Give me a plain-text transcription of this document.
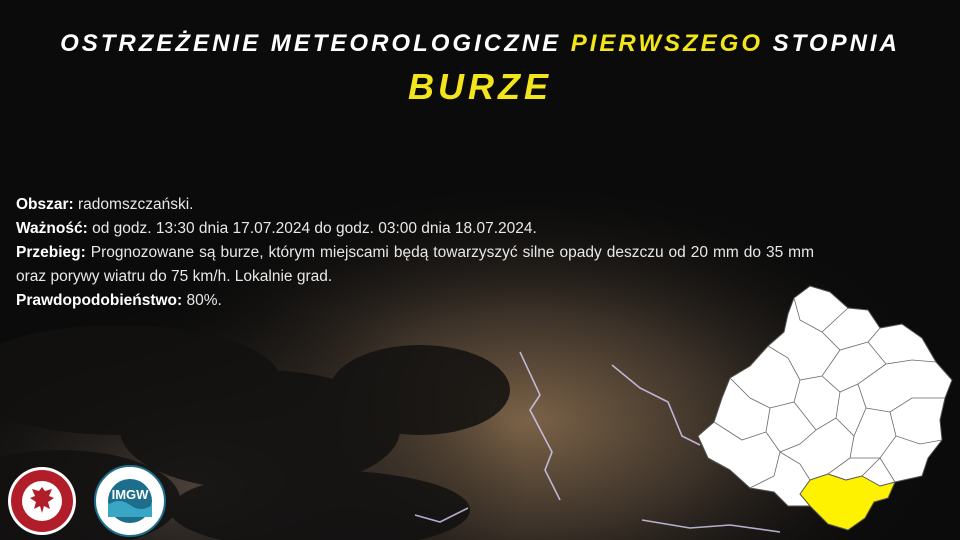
OSTRZEŻENIE METEOROLOGICZNE PIERWSZEGO STOPNIA
BURZE

Obszar: radomszczański.

Ważność: od godz. 13:30 dnia 17.07.2024 do godz. 03:00 dnia 18.07.2024.

Przebieg: Prognozowane są burze, którym miejscami będą towarzyszyć silne opady deszczu od 20 mm do 35 mm oraz porywy wiatru do 75 km/h. Lokalnie grad.

Prawdopodobieństwo: 80%.

IMGW
